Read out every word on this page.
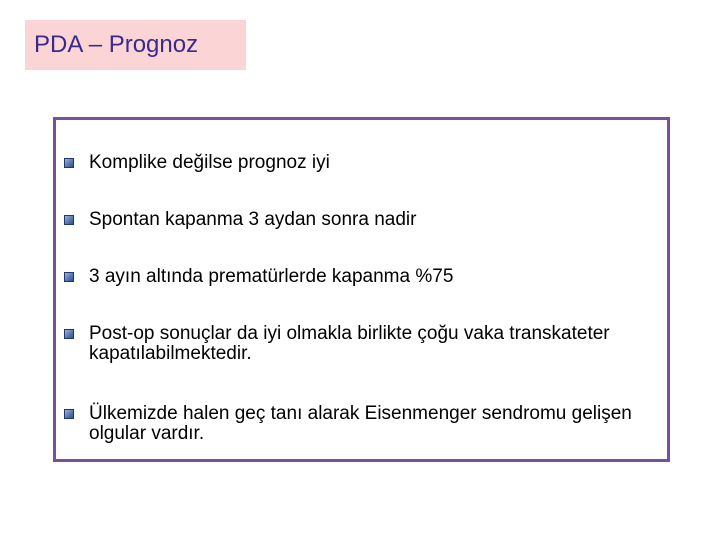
PDA – Prognoz
Komplike değilse prognoz iyi
Spontan kapanma 3 aydan sonra nadir
3 ayın altında prematürlerde kapanma %75
Post-op sonuçlar da iyi olmakla birlikte çoğu vaka transkateter kapatılabilmektedir.
Ülkemizde halen geç tanı alarak Eisenmenger sendromu gelişen olgular vardır.
